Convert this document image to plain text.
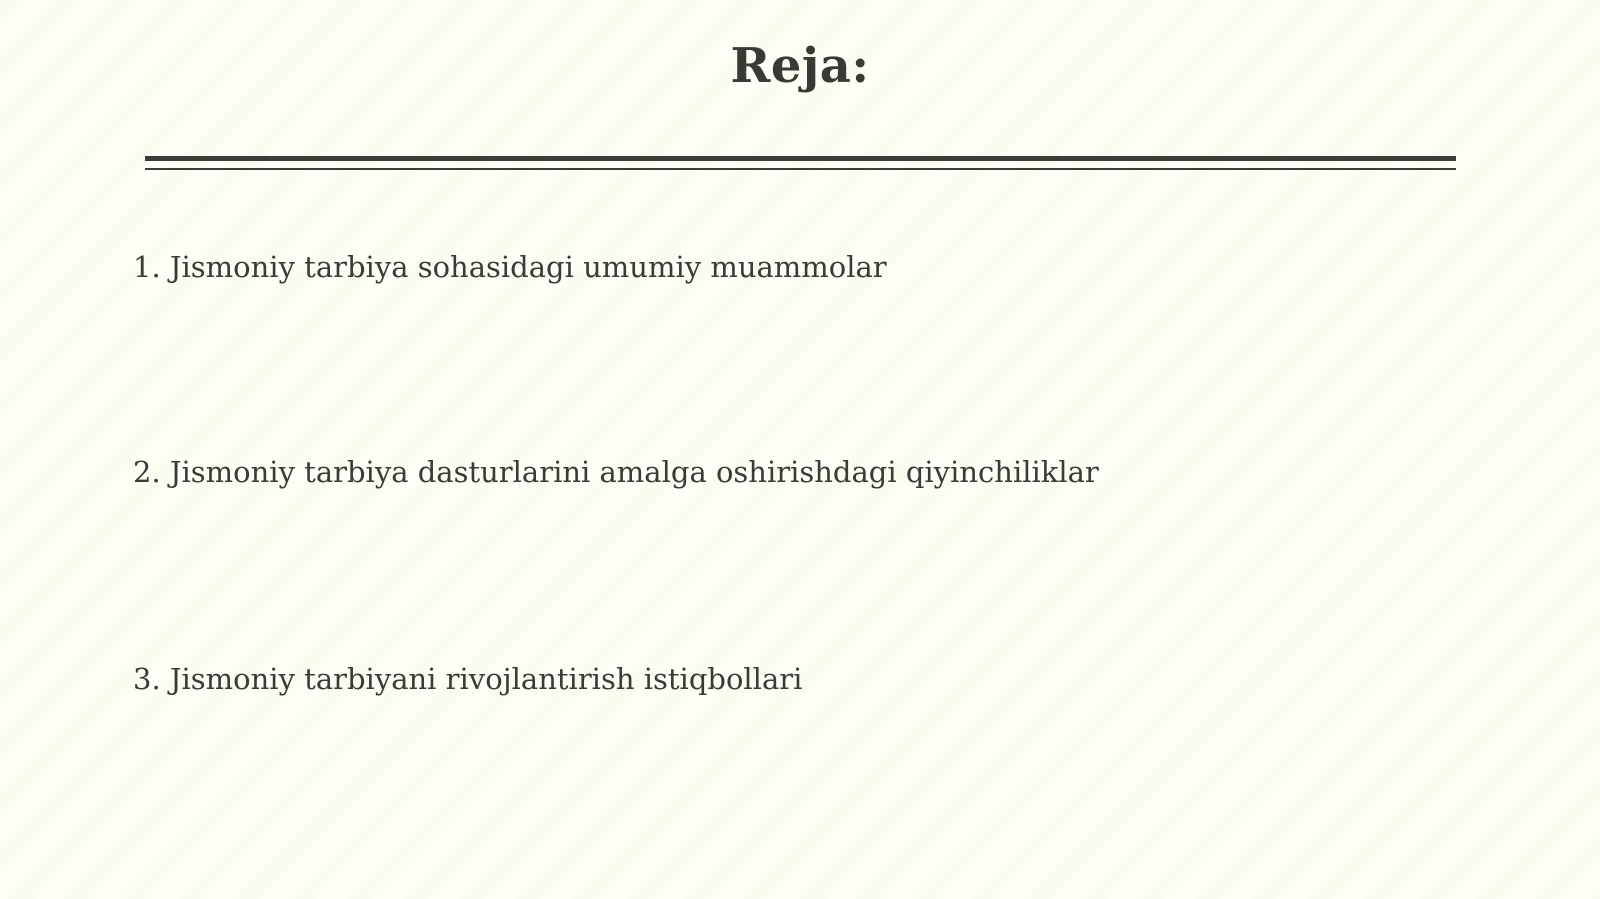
Reja:
1. Jismoniy tarbiya sohasidagi umumiy muammolar
2. Jismoniy tarbiya dasturlarini amalga oshirishdagi qiyinchiliklar
3. Jismoniy tarbiyani rivojlantirish istiqbollari
